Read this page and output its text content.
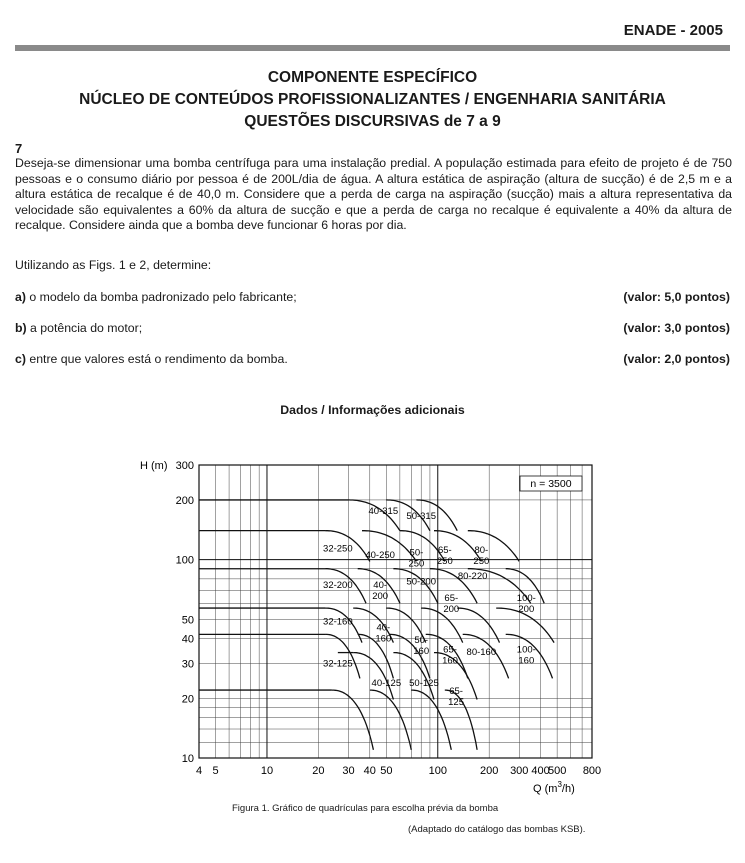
ENADE - 2005
COMPONENTE ESPECÍFICO
NÚCLEO DE CONTEÚDOS PROFISSIONALIZANTES / ENGENHARIA SANITÁRIA
QUESTÕES DISCURSIVAS de 7 a 9
7
Deseja-se dimensionar uma bomba centrífuga para uma instalação predial. A população estimada para efeito de projeto é de 750 pessoas e o consumo diário por pessoa é de 200L/dia de água. A altura estática de aspiração (altura de sucção) é de 2,5 m e a altura estática de recalque é de 40,0 m. Considere que a perda de carga na aspiração (sucção) mais a altura representativa da velocidade são equivalentes a 60% da altura de sucção e que a perda de carga no recalque é equivalente a 40% da altura de recalque. Considere ainda que a bomba deve funcionar 6 horas por dia.
Utilizando as Figs. 1 e 2, determine:
a) o modelo da bomba padronizado pelo fabricante;	(valor: 5,0 pontos)
b) a potência do motor;	(valor: 3,0 pontos)
c) entre que valores está o rendimento da bomba.	(valor: 2,0 pontos)
Dados / Informações adicionais
4 5	10	20 30 40 50	100	200 300 400
500 800
10
20
30
40
50
100
200
300
40-315 50-315
32-250
40-250 50-250
65-250
80-250
80-220
32-200 40-200
50-200
65-200
100-200
32-160
40-160 50-160 65-160
80-160 100-160
32-125
40-125 50-125
65-125
H (m)
n = 3500
Q $(m^3/h)$
Figura 1. Gráfico de quadrículas para escolha prévia da bomba
(Adaptado do catálogo das bombas KSB).
